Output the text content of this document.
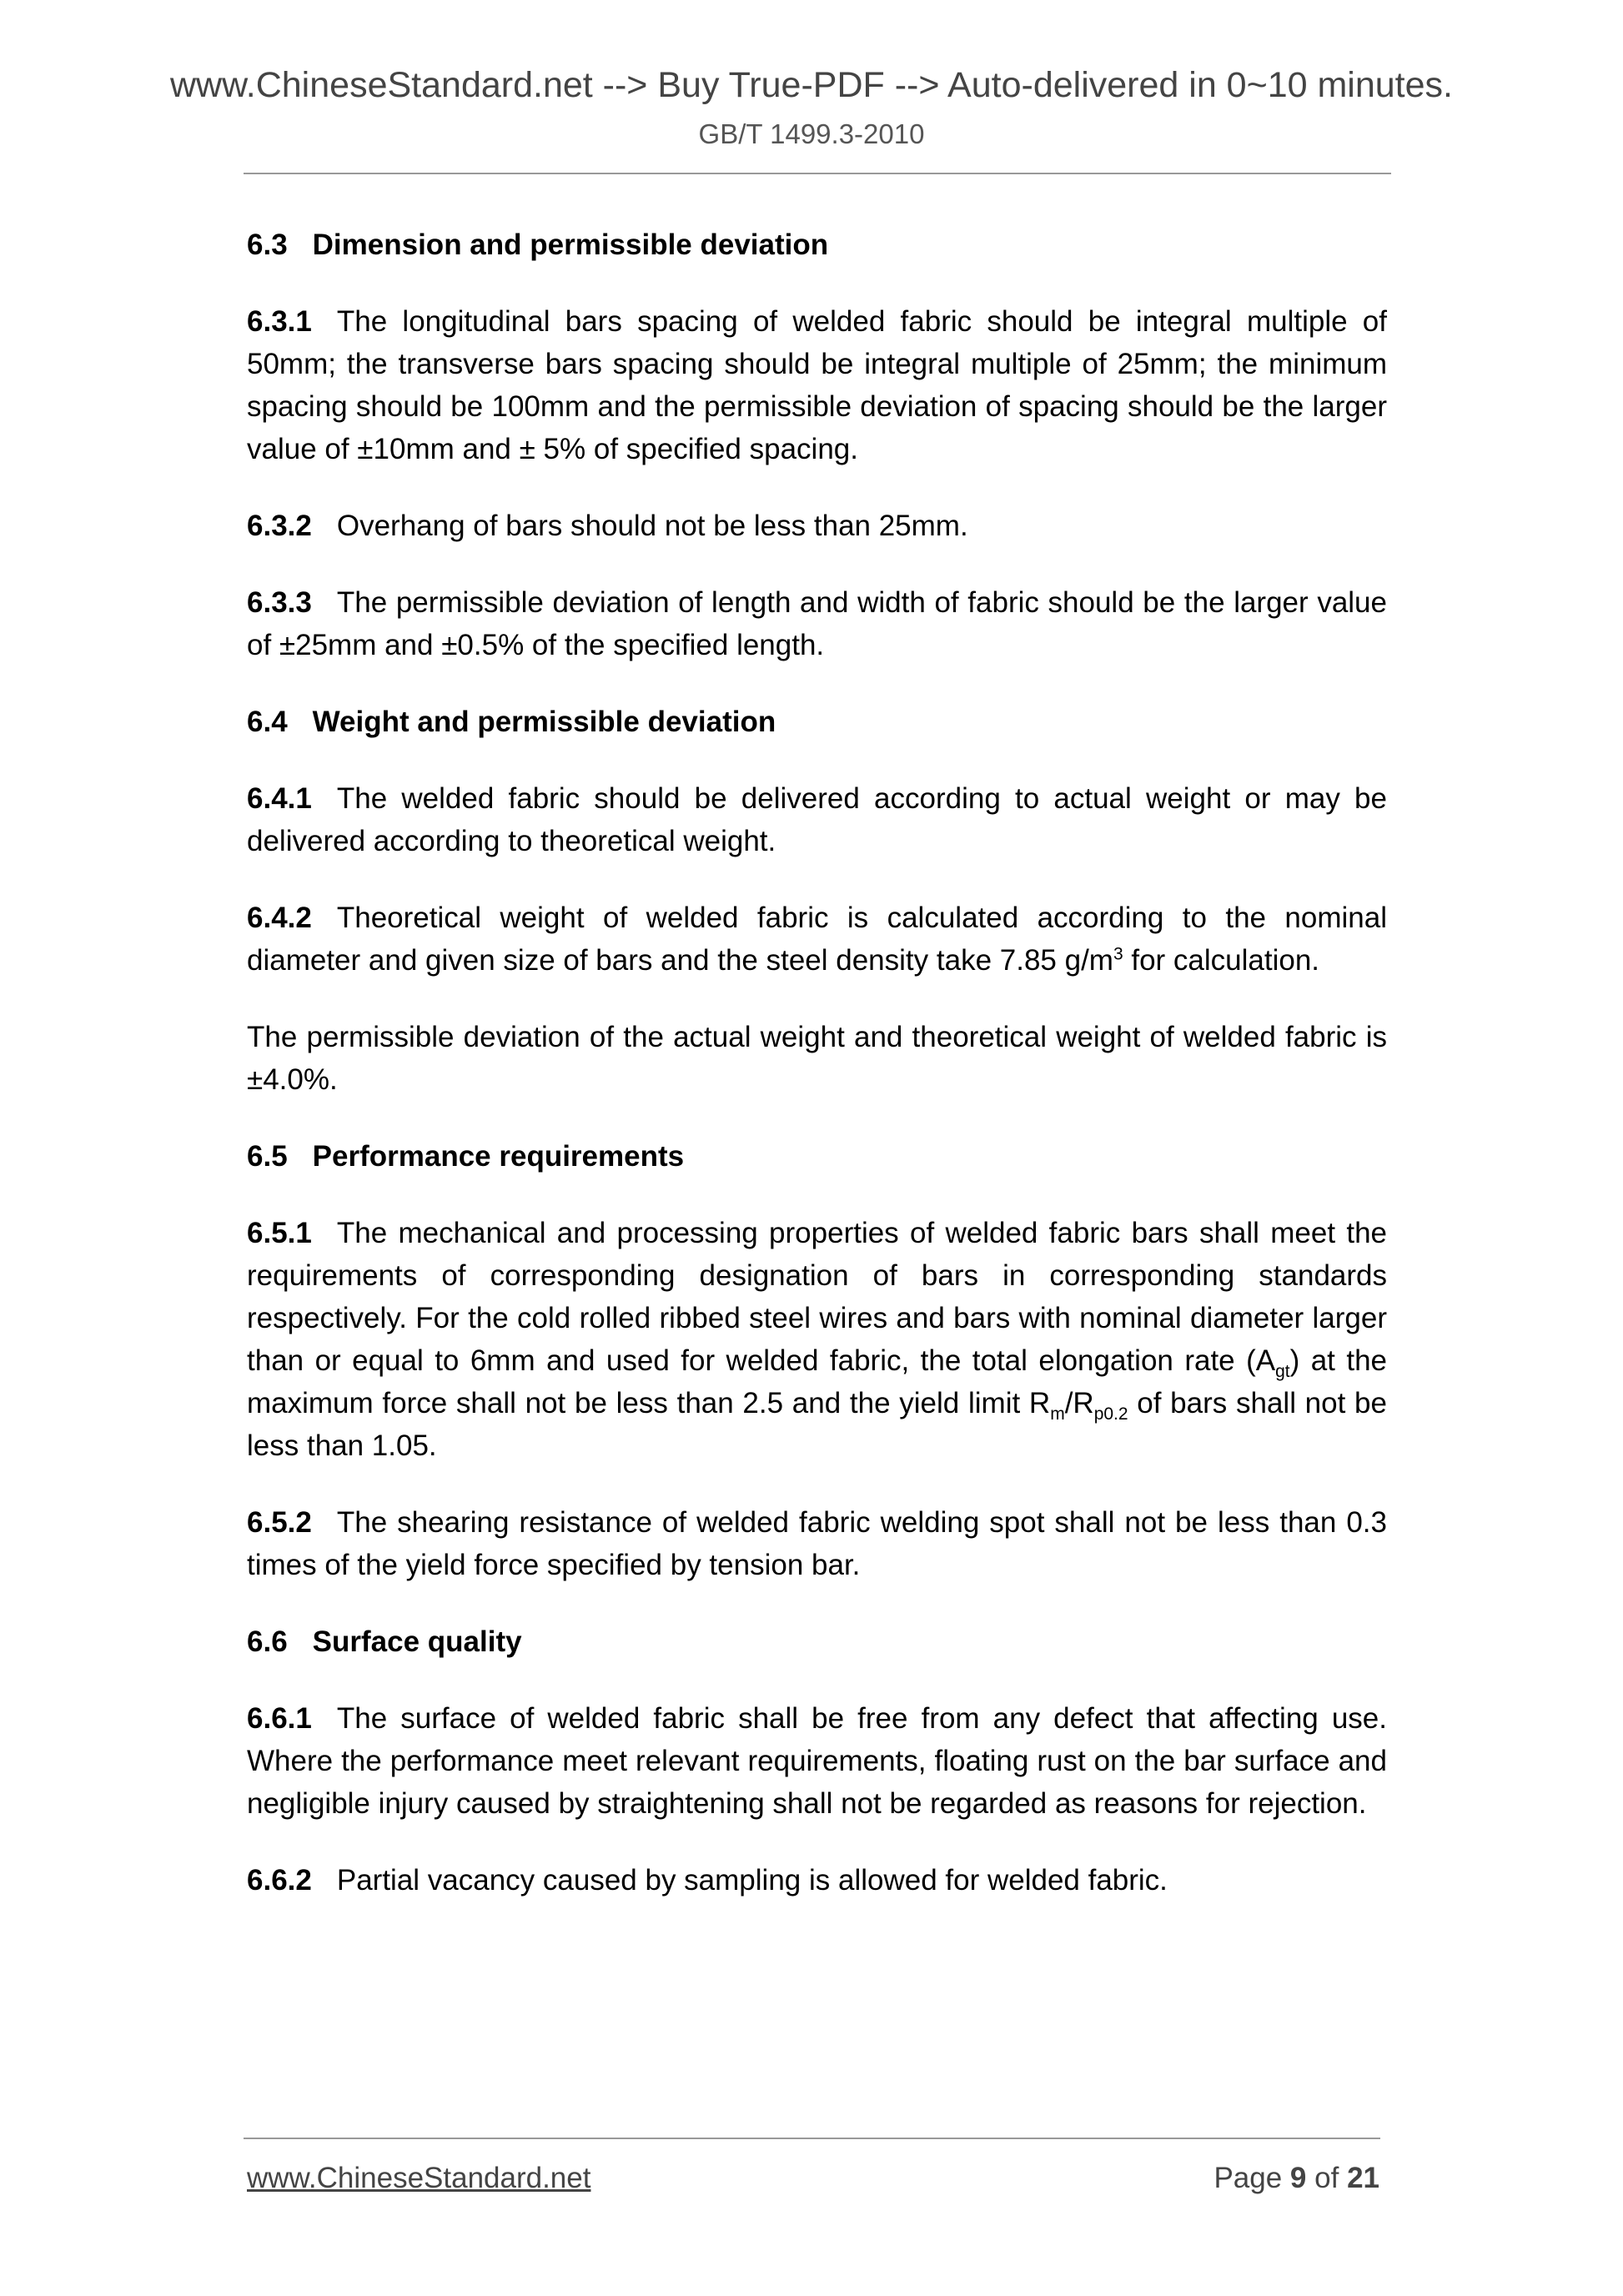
www.ChineseStandard.net --> Buy True-PDF --> Auto-delivered in 0~10 minutes.
GB/T 1499.3-2010

6.3 Dimension and permissible deviation

6.3.1 The longitudinal bars spacing of welded fabric should be integral multiple of 50mm; the transverse bars spacing should be integral multiple of 25mm; the minimum spacing should be 100mm and the permissible deviation of spacing should be the larger value of ±10mm and ± 5% of specified spacing.

6.3.2 Overhang of bars should not be less than 25mm.

6.3.3 The permissible deviation of length and width of fabric should be the larger value of ±25mm and ±0.5% of the specified length.

6.4 Weight and permissible deviation

6.4.1 The welded fabric should be delivered according to actual weight or may be delivered according to theoretical weight.

6.4.2 Theoretical weight of welded fabric is calculated according to the nominal diameter and given size of bars and the steel density take 7.85 $g/m^3$ for calculation.

The permissible deviation of the actual weight and theoretical weight of welded fabric is ±4.0%.

6.5 Performance requirements

6.5.1 The mechanical and processing properties of welded fabric bars shall meet the requirements of corresponding designation of bars in corresponding standards respectively. For the cold rolled ribbed steel wires and bars with nominal diameter larger than or equal to 6mm and used for welded fabric, the total elongation rate $(A_{gt})$ at the maximum force shall not be less than 2.5 and the yield limit $R_m/R_{p0.2}$ of bars shall not be less than 1.05.

6.5.2 The shearing resistance of welded fabric welding spot shall not be less than 0.3 times of the yield force specified by tension bar.

6.6 Surface quality

6.6.1 The surface of welded fabric shall be free from any defect that affecting use. Where the performance meet relevant requirements, floating rust on the bar surface and negligible injury caused by straightening shall not be regarded as reasons for rejection.

6.6.2 Partial vacancy caused by sampling is allowed for welded fabric.

www.ChineseStandard.net	Page 9 of 21
